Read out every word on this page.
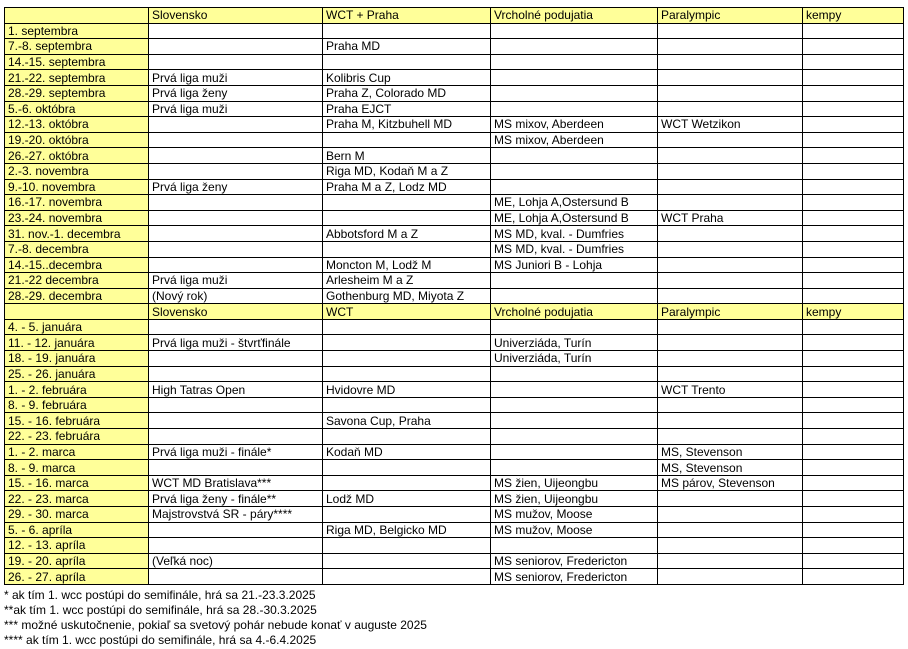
	Slovensko	WCT + Praha	Vrcholné podujatia	Paralympic	kempy
1. septembra					
7.-8. septembra		Praha MD			
14.-15. septembra					
21.-22. septembra	Prvá liga muži	Kolibris Cup			
28.-29. septembra	Prvá liga ženy	Praha Z, Colorado MD			
5.-6. októbra	Prvá liga muži	Praha EJCT			
12.-13. októbra		Praha M, Kitzbuhell MD	MS mixov, Aberdeen	WCT Wetzikon	
19.-20. októbra			MS mixov, Aberdeen		
26.-27. októbra		Bern M			
2.-3. novembra		Riga MD, Kodaň M a Z			
9.-10. novembra	Prvá liga ženy	Praha M a Z, Lodz MD			
16.-17. novembra			ME, Lohja A,Ostersund B		
23.-24. novembra			ME, Lohja A,Ostersund B	WCT Praha	
31. nov.-1. decembra		Abbotsford M a Z	MS MD, kval. - Dumfries		
7.-8. decembra			MS MD, kval. - Dumfries		
14.-15..decembra		Moncton M, Lodž M	MS Juniori B - Lohja		
21.-22 decembra	Prvá liga muži	Arlesheim M a Z			
28.-29. decembra	(Nový rok)	Gothenburg MD, Miyota Z			
	Slovensko	WCT	Vrcholné podujatia	Paralympic	kempy
4. - 5. januára					
11. - 12. januára	Prvá liga muži - štvrťfinále		Univerziáda, Turín		
18. - 19. januára			Univerziáda, Turín		
25. - 26. januára					
1. - 2. februára	High Tatras Open	Hvidovre MD		WCT Trento	
8. - 9. februára					
15. - 16. februára		Savona Cup, Praha			
22. - 23. februára					
1. - 2. marca	Prvá liga muži - finále*	Kodaň MD		MS, Stevenson	
8. - 9. marca				MS, Stevenson	
15. - 16. marca	WCT MD Bratislava***		MS žien, Uijeongbu	MS párov, Stevenson	
22. - 23. marca	Prvá liga ženy - finále**	Lodž MD	MS žien, Uijeongbu		
29. - 30. marca	Majstrovstvá SR - páry****		MS mužov, Moose		
5. - 6. apríla		Riga MD, Belgicko MD	MS mužov, Moose		
12. - 13. apríla					
19. - 20. apríla	(Veľká noc)		MS seniorov, Fredericton		
26. - 27. apríla			MS seniorov, Fredericton		
* ak tím 1. wcc postúpi do semifinále, hrá sa 21.-23.3.2025
**ak tím 1. wcc postúpi do semifinále, hrá sa 28.-30.3.2025
*** možné uskutočnenie, pokiaľ sa svetový pohár nebude konať v auguste 2025
**** ak tím 1. wcc postúpi do semifinále, hrá sa 4.-6.4.2025
